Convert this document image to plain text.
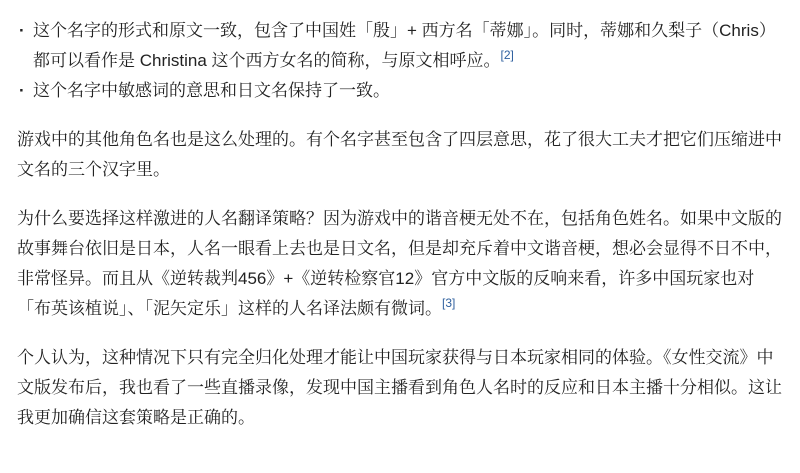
· 这个名字的形式和原文一致，包含了中国姓「殷」+ 西方名「蒂娜」。同时，蒂娜和久梨子（Chris）都可以看作是 Christina 这个西方女名的简称，与原文相呼应。[2]
· 这个名字中敏感词的意思和日文名保持了一致。

游戏中的其他角色名也是这么处理的。有个名字甚至包含了四层意思，花了很大工夫才把它们压缩进中文名的三个汉字里。

为什么要选择这样激进的人名翻译策略？因为游戏中的谐音梗无处不在，包括角色姓名。如果中文版的故事舞台依旧是日本，人名一眼看上去也是日文名，但是却充斥着中文谐音梗，想必会显得不日不中，非常怪异。而且从《逆转裁判456》+《逆转检察官12》官方中文版的反响来看，许多中国玩家也对「布英该植说」、「泥矢定乐」这样的人名译法颇有微词。[3]

个人认为，这种情况下只有完全归化处理才能让中国玩家获得与日本玩家相同的体验。《女性交流》中文版发布后，我也看了一些直播录像，发现中国主播看到角色人名时的反应和日本主播十分相似。这让我更加确信这套策略是正确的。
